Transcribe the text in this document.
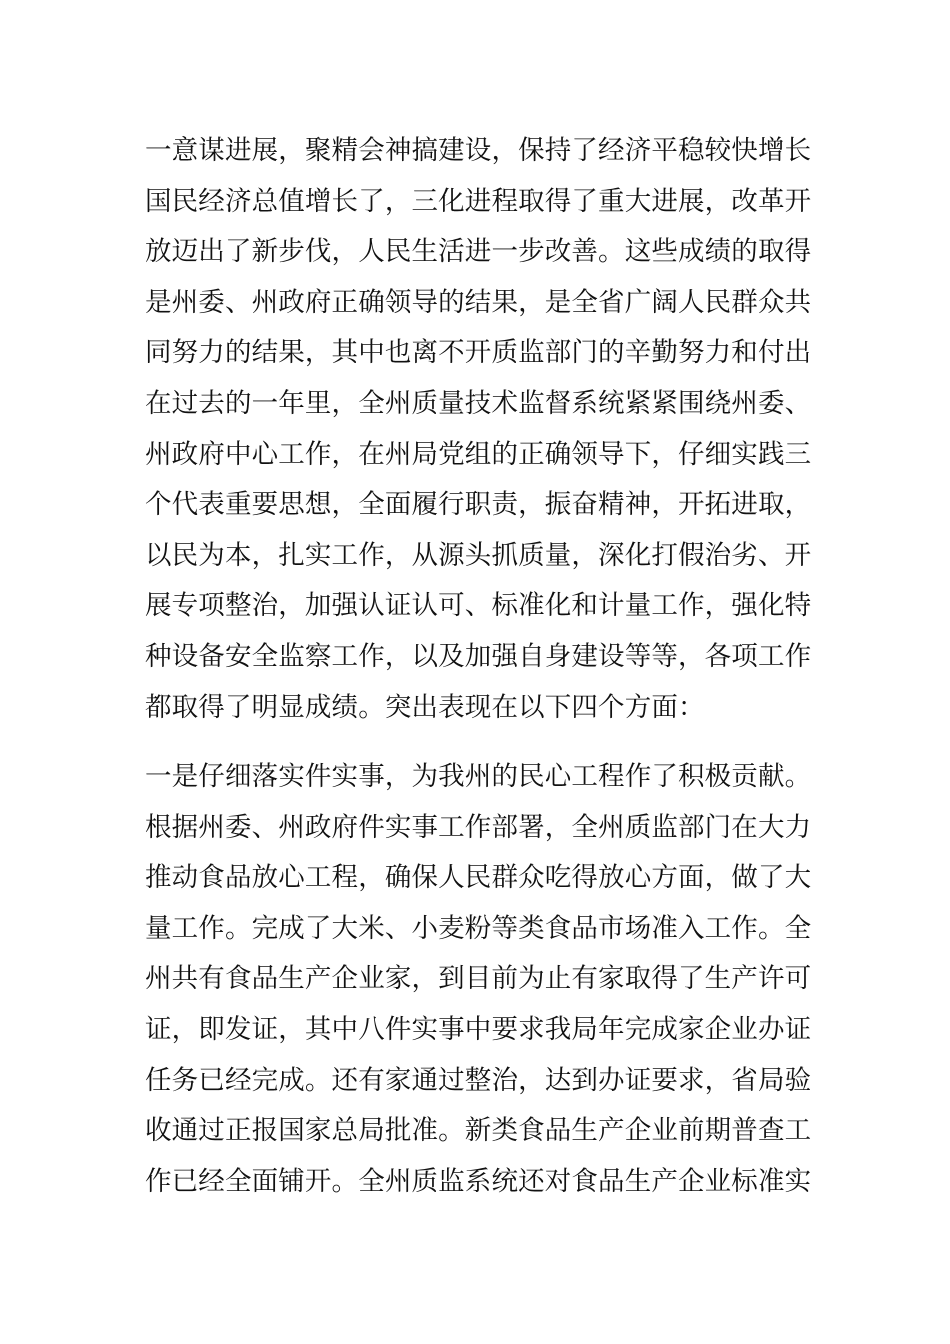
一意谋进展，聚精会神搞建设，保持了经济平稳较快增长
国民经济总值增长了，三化进程取得了重大进展，改革开
放迈出了新步伐，人民生活进一步改善。这些成绩的取得
是州委、州政府正确领导的结果，是全省广阔人民群众共
同努力的结果，其中也离不开质监部门的辛勤努力和付出
在过去的一年里，全州质量技术监督系统紧紧围绕州委、
州政府中心工作，在州局党组的正确领导下，仔细实践三
个代表重要思想，全面履行职责，振奋精神，开拓进取，
以民为本，扎实工作，从源头抓质量，深化打假治劣、开
展专项整治，加强认证认可、标准化和计量工作，强化特
种设备安全监察工作，以及加强自身建设等等，各项工作
都取得了明显成绩。突出表现在以下四个方面：
一是仔细落实件实事，为我州的民心工程作了积极贡献。
根据州委、州政府件实事工作部署，全州质监部门在大力
推动食品放心工程，确保人民群众吃得放心方面，做了大
量工作。完成了大米、小麦粉等类食品市场准入工作。全
州共有食品生产企业家，到目前为止有家取得了生产许可
证，即发证，其中八件实事中要求我局年完成家企业办证
任务已经完成。还有家通过整治，达到办证要求，省局验
收通过正报国家总局批准。新类食品生产企业前期普查工
作已经全面铺开。全州质监系统还对食品生产企业标准实
